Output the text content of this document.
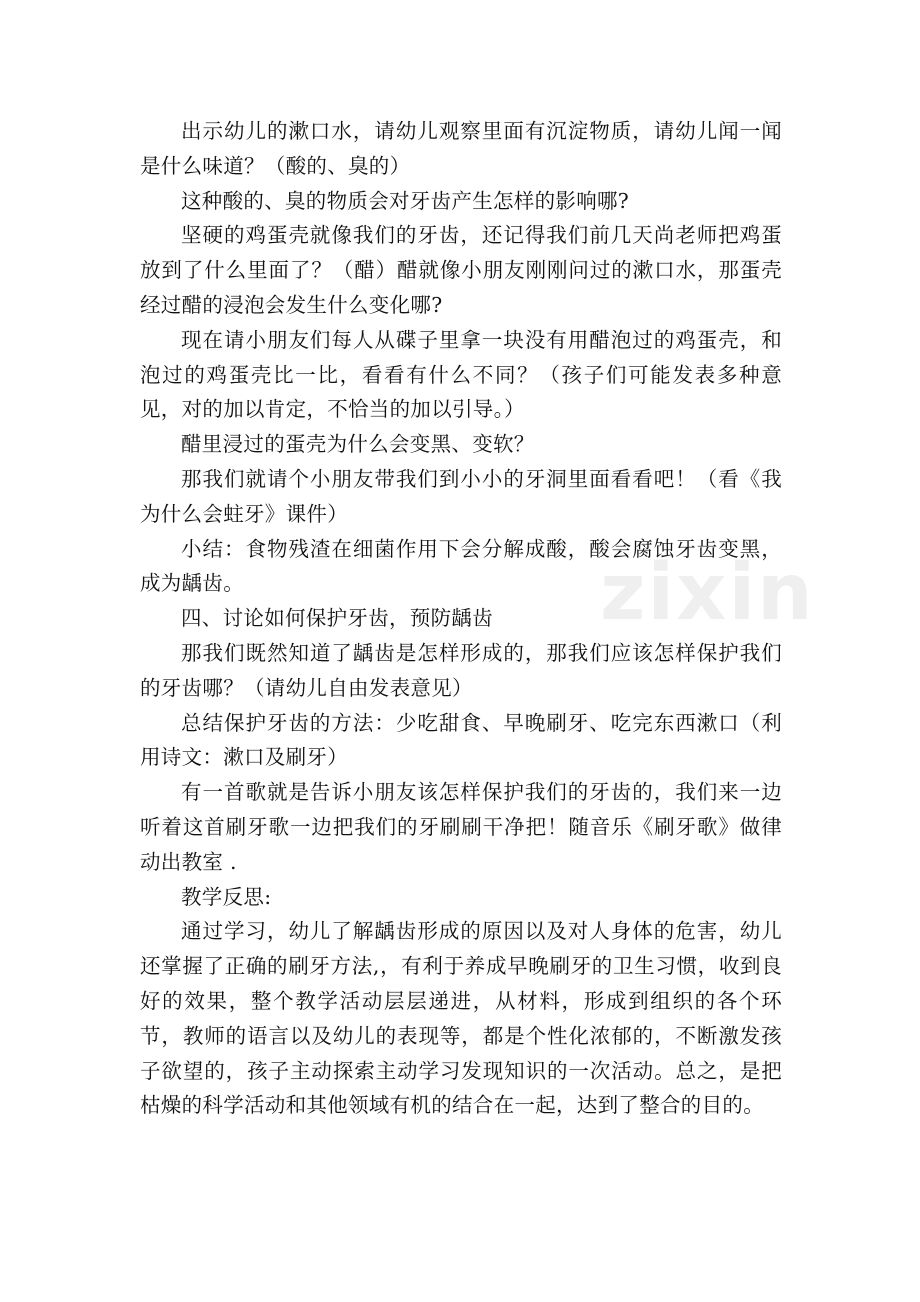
zixin

出示幼儿的漱口水，请幼儿观察里面有沉淀物质，请幼儿闻一闻是什么味道？（酸的、臭的）

这种酸的、臭的物质会对牙齿产生怎样的影响哪?

坚硬的鸡蛋壳就像我们的牙齿，还记得我们前几天尚老师把鸡蛋放到了什么里面了？（醋）醋就像小朋友刚刚问过的漱口水，那蛋壳经过醋的浸泡会发生什么变化哪?

现在请小朋友们每人从碟子里拿一块没有用醋泡过的鸡蛋壳，和泡过的鸡蛋壳比一比，看看有什么不同？（孩子们可能发表多种意见，对的加以肯定，不恰当的加以引导。）

醋里浸过的蛋壳为什么会变黑、变软？

那我们就请个小朋友带我们到小小的牙洞里面看看吧！（看《我为什么会蛀牙》课件）

小结：食物残渣在细菌作用下会分解成酸，酸会腐蚀牙齿变黑，成为龋齿。

四、讨论如何保护牙齿，预防龋齿

那我们既然知道了龋齿是怎样形成的，那我们应该怎样保护我们的牙齿哪？（请幼儿自由发表意见）

总结保护牙齿的方法：少吃甜食、早晚刷牙、吃完东西漱口（利用诗文：漱口及刷牙）

有一首歌就是告诉小朋友该怎样保护我们的牙齿的，我们来一边听着这首刷牙歌一边把我们的牙刷刷干净把！随音乐《刷牙歌》做律动出教室 .

教学反思:

通过学习，幼儿了解龋齿形成的原因以及对人身体的危害，幼儿还掌握了正确的刷牙方法,，有利于养成早晚刷牙的卫生习惯，收到良好的效果，整个教学活动层层递进，从材料，形成到组织的各个环节，教师的语言以及幼儿的表现等，都是个性化浓郁的，不断激发孩子欲望的，孩子主动探索主动学习发现知识的一次活动。总之，是把枯燥的科学活动和其他领域有机的结合在一起，达到了整合的目的。
